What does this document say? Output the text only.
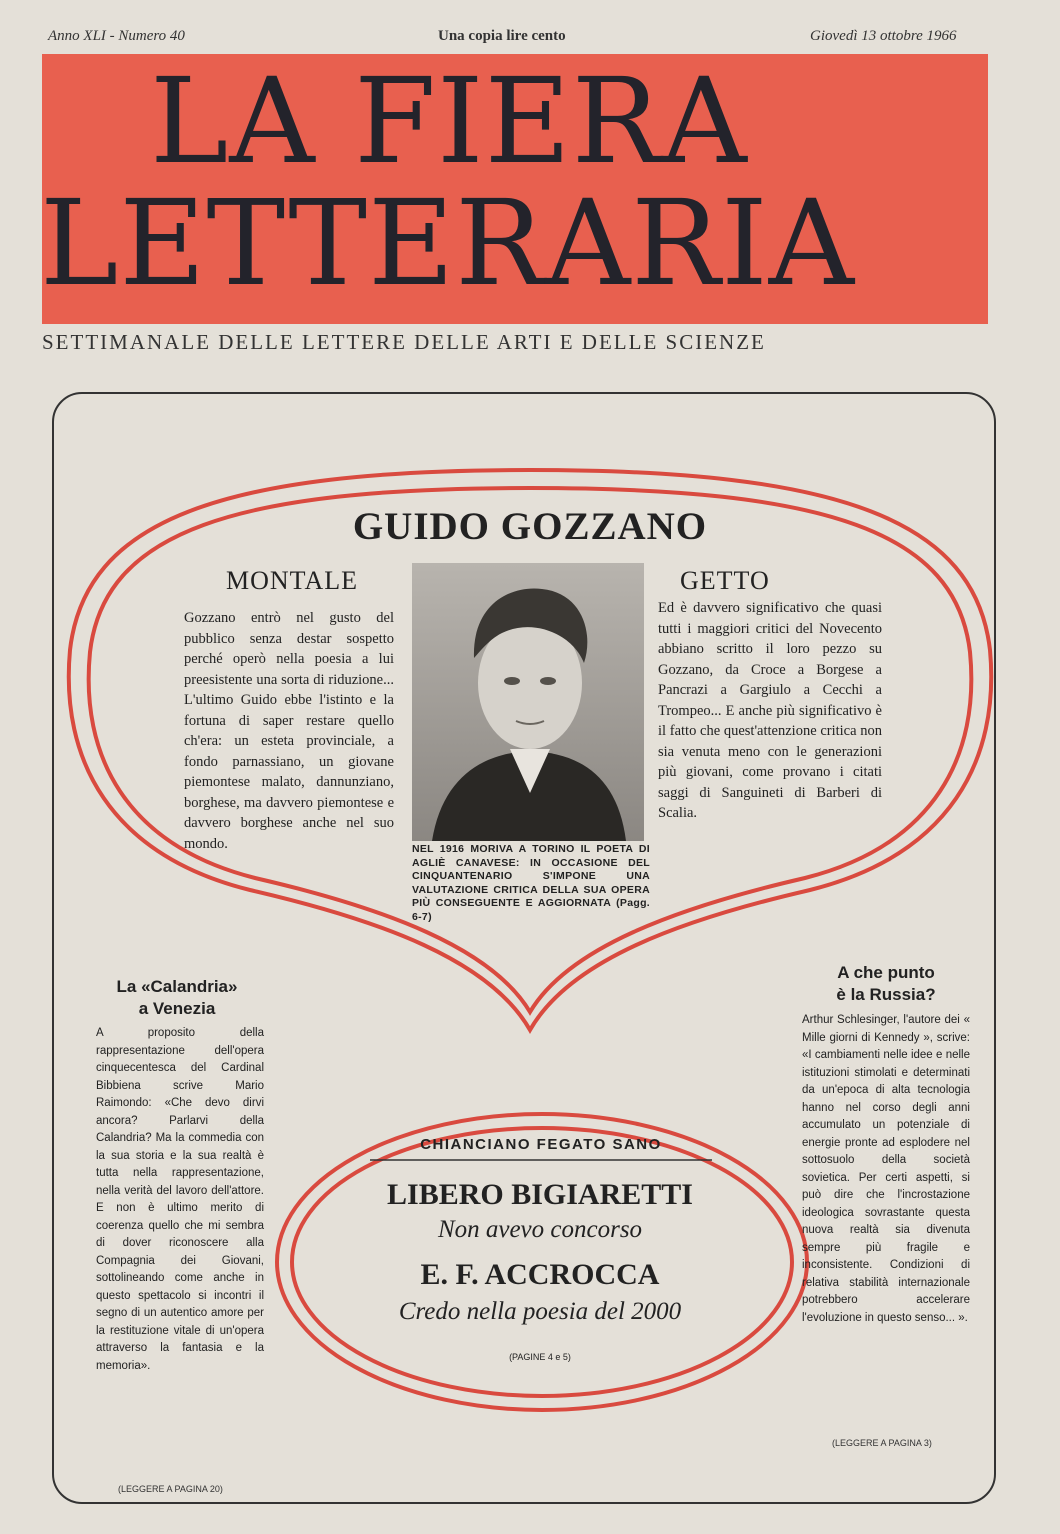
Anno XLI - Numero 40	Una copia lire cento	Giovedì 13 ottobre 1966
LA FIERA
LETTERARIA
SETTIMANALE DELLE LETTERE DELLE ARTI E DELLE SCIENZE
GUIDO GOZZANO
MONTALE
Gozzano entrò nel gusto del pubblico senza destar sospetto perché operò nella poesia a lui preesistente una sorta di riduzione... L'ultimo Guido ebbe l'istinto e la fortuna di saper restare quello ch'era: un esteta provinciale, a fondo parnassiano, un giovane piemontese malato, dannunziano, borghese, ma davvero piemontese e davvero borghese anche nel suo mondo.	NEL 1916 MORIVA A TORINO IL POETA DI AGLIÈ CANAVESE: IN OCCASIONE DEL CINQUANTENARIO S'IMPONE UNA VALUTAZIONE CRITICA DELLA SUA OPERA PIÙ CONSEGUENTE E AGGIORNATA (Pagg. 6-7)
GETTO
Ed è davvero significativo che quasi tutti i maggiori critici del Novecento abbiano scritto il loro pezzo su Gozzano, da Croce a Borgese a Pancrazi a Gargiulo a Cecchi a Trompeo... E anche più significativo è il fatto che quest'attenzione critica non sia venuta meno con le generazioni più giovani, come provano i citati saggi di Sanguineti di Barberi di Scalia.
La «Calandria»
a Venezia
A proposito della rappresentazione dell'opera cinquecentesca del Cardinal Bibbiena scrive Mario Raimondo: «Che devo dirvi ancora? Parlarvi della Calandria? Ma la commedia con la sua storia e la sua realtà è tutta nella rappresentazione, nella verità del lavoro dell'attore. E non è ultimo merito di coerenza quello che mi sembra di dover riconoscere alla Compagnia dei Giovani, sottolineando come anche in questo spettacolo si incontri il segno di un autentico amore per la restituzione vitale di un'opera attraverso la fantasia e la memoria».
(LEGGERE A PAGINA 20)
A che punto
è la Russia?
Arthur Schlesinger, l'autore dei « Mille giorni di Kennedy », scrive: «I cambiamenti nelle idee e nelle istituzioni stimolati e determinati da un'epoca di alta tecnologia hanno nel corso degli anni accumulato un potenziale di energie pronte ad esplodere nel sottosuolo della società sovietica. Per certi aspetti, si può dire che l'incrostazione ideologica sovrastante questa nuova realtà sia divenuta sempre più fragile e inconsistente. Condizioni di relativa stabilità internazionale potrebbero accelerare l'evoluzione in questo senso... ».
(LEGGERE A PAGINA 3)
CHIANCIANO FEGATO SANO
LIBERO BIGIARETTI
Non avevo concorso
E. F. ACCROCCA
Credo nella poesia del 2000
(PAGINE 4 e 5)
